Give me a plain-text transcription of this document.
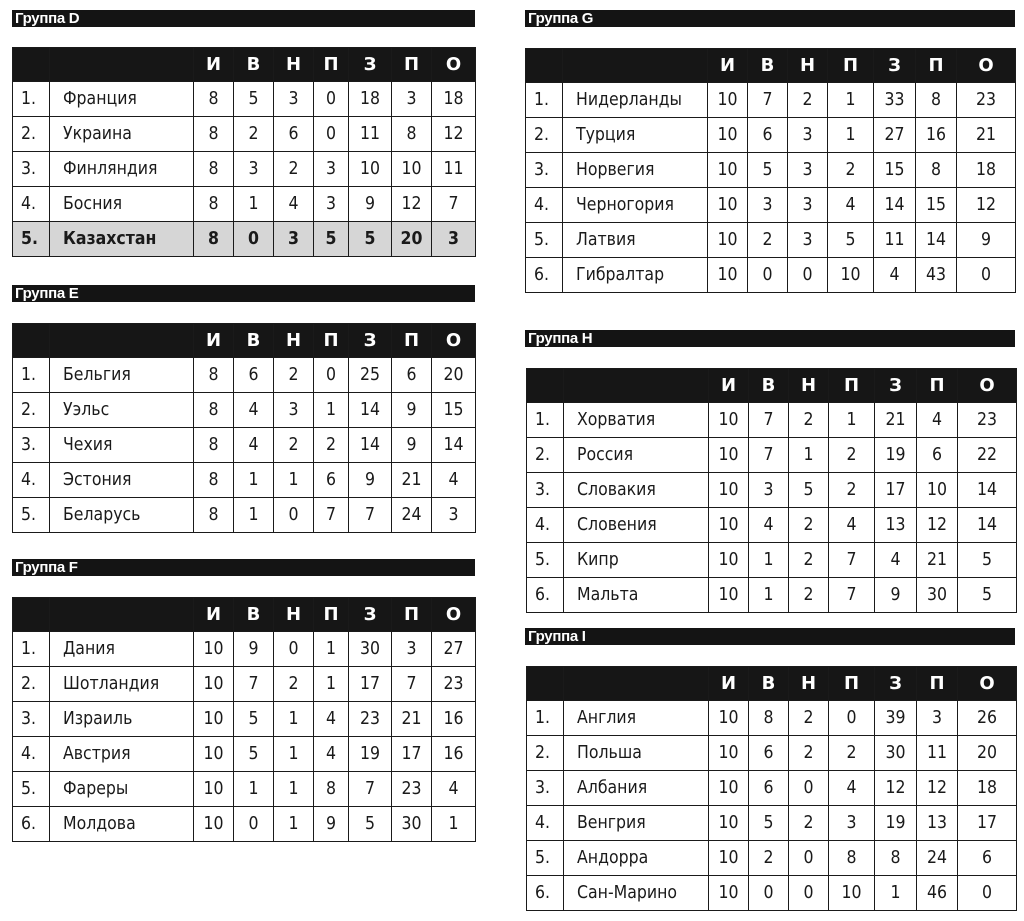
Группа D
		И	В	Н	П	З	П	О
1.	Франция	8	5	3	0	18	3	18
2.	Украина	8	2	6	0	11	8	12
3.	Финляндия	8	3	2	3	10	10	11
4.	Босния	8	1	4	3	9	12	7
5.	Казахстан	8	0	3	5	5	20	3
Группа E
		И	В	Н	П	З	П	О
1.	Бельгия	8	6	2	0	25	6	20
2.	Уэльс	8	4	3	1	14	9	15
3.	Чехия	8	4	2	2	14	9	14
4.	Эстония	8	1	1	6	9	21	4
5.	Беларусь	8	1	0	7	7	24	3
Группа F
		И	В	Н	П	З	П	О
1.	Дания	10	9	0	1	30	3	27
2.	Шотландия	10	7	2	1	17	7	23
3.	Израиль	10	5	1	4	23	21	16
4.	Австрия	10	5	1	4	19	17	16
5.	Фареры	10	1	1	8	7	23	4
6.	Молдова	10	0	1	9	5	30	1
Группа G
		И	В	Н	П	З	П	О
1.	Нидерланды	10	7	2	1	33	8	23
2.	Турция	10	6	3	1	27	16	21
3.	Норвегия	10	5	3	2	15	8	18
4.	Черногория	10	3	3	4	14	15	12
5.	Латвия	10	2	3	5	11	14	9
6.	Гибралтар	10	0	0	10	4	43	0
Группа H
		И	В	Н	П	З	П	О
1.	Хорватия	10	7	2	1	21	4	23
2.	Россия	10	7	1	2	19	6	22
3.	Словакия	10	3	5	2	17	10	14
4.	Словения	10	4	2	4	13	12	14
5.	Кипр	10	1	2	7	4	21	5
6.	Мальта	10	1	2	7	9	30	5
Группа I
		И	В	Н	П	З	П	О
1.	Англия	10	8	2	0	39	3	26
2.	Польша	10	6	2	2	30	11	20
3.	Албания	10	6	0	4	12	12	18
4.	Венгрия	10	5	2	3	19	13	17
5.	Андорра	10	2	0	8	8	24	6
6.	Сан-Марино	10	0	0	10	1	46	0
